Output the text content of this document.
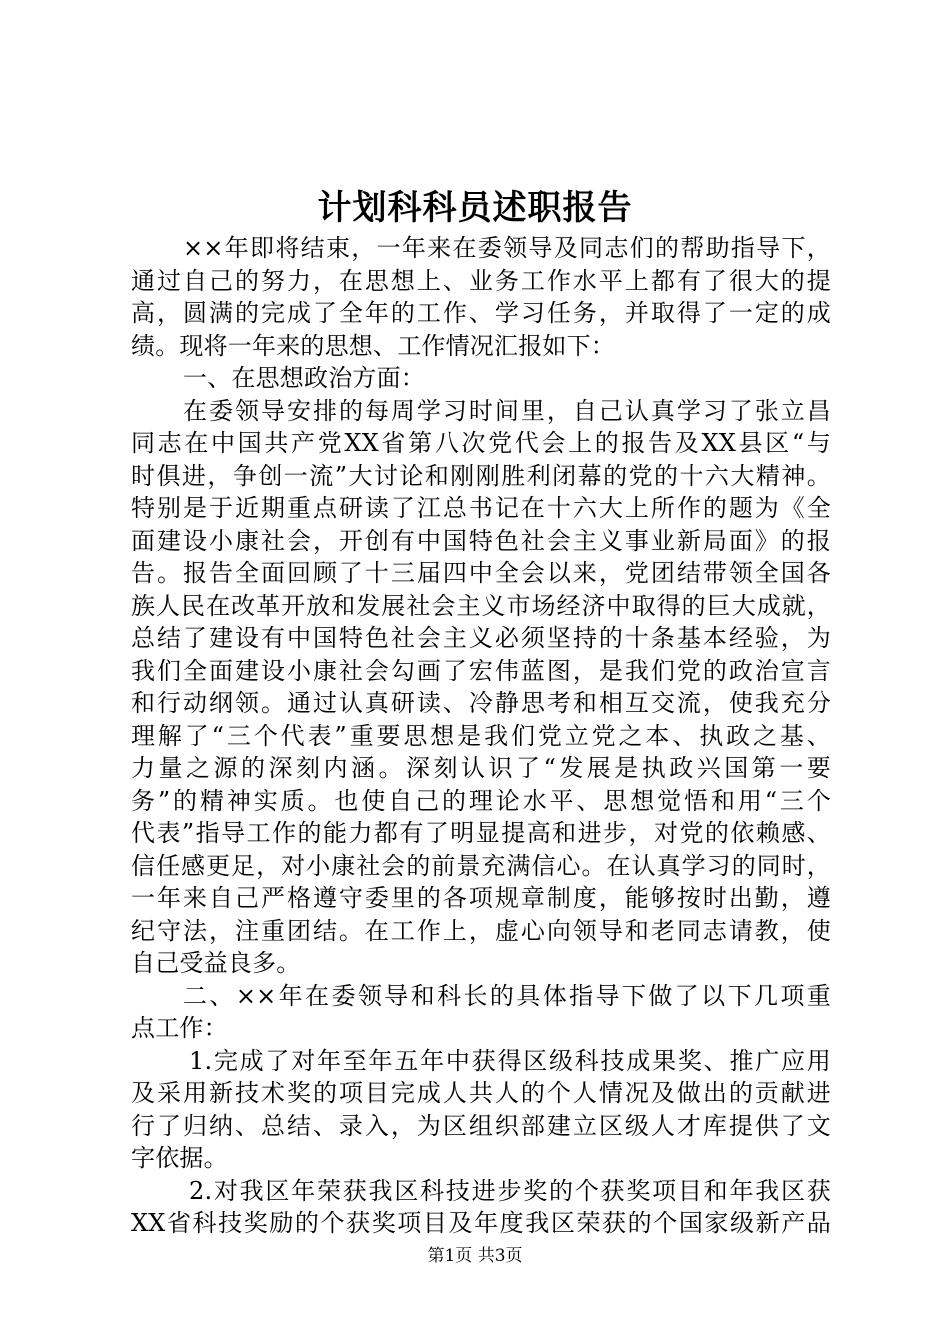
计划科科员述职报告
××年即将结束，一年来在委领导及同志们的帮助指导下，
通过自己的努力，在思想上、业务工作水平上都有了很大的提
高，圆满的完成了全年的工作、学习任务，并取得了一定的成
绩。现将一年来的思想、工作情况汇报如下：
一、在思想政治方面：
在委领导安排的每周学习时间里，自己认真学习了张立昌
同志在中国共产党XX省第八次党代会上的报告及XX县区“与
时俱进，争创一流”大讨论和刚刚胜利闭幕的党的十六大精神。
特别是于近期重点研读了江总书记在十六大上所作的题为《全
面建设小康社会，开创有中国特色社会主义事业新局面》的报
告。报告全面回顾了十三届四中全会以来，党团结带领全国各
族人民在改革开放和发展社会主义市场经济中取得的巨大成就，
总结了建设有中国特色社会主义必须坚持的十条基本经验，为
我们全面建设小康社会勾画了宏伟蓝图，是我们党的政治宣言
和行动纲领。通过认真研读、冷静思考和相互交流，使我充分
理解了“三个代表”重要思想是我们党立党之本、执政之基、
力量之源的深刻内涵。深刻认识了“发展是执政兴国第一要
务”的精神实质。也使自己的理论水平、思想觉悟和用“三个
代表”指导工作的能力都有了明显提高和进步，对党的依赖感、
信任感更足，对小康社会的前景充满信心。在认真学习的同时，
一年来自己严格遵守委里的各项规章制度，能够按时出勤，遵
纪守法，注重团结。在工作上，虚心向领导和老同志请教，使
自己受益良多。
二、××年在委领导和科长的具体指导下做了以下几项重
点工作：
1.完成了对年至年五年中获得区级科技成果奖、推广应用
及采用新技术奖的项目完成人共人的个人情况及做出的贡献进
行了归纳、总结、录入，为区组织部建立区级人才库提供了文
字依据。
2.对我区年荣获我区科技进步奖的个获奖项目和年我区获
XX省科技奖励的个获奖项目及年度我区荣获的个国家级新产品
第1页 共3页
